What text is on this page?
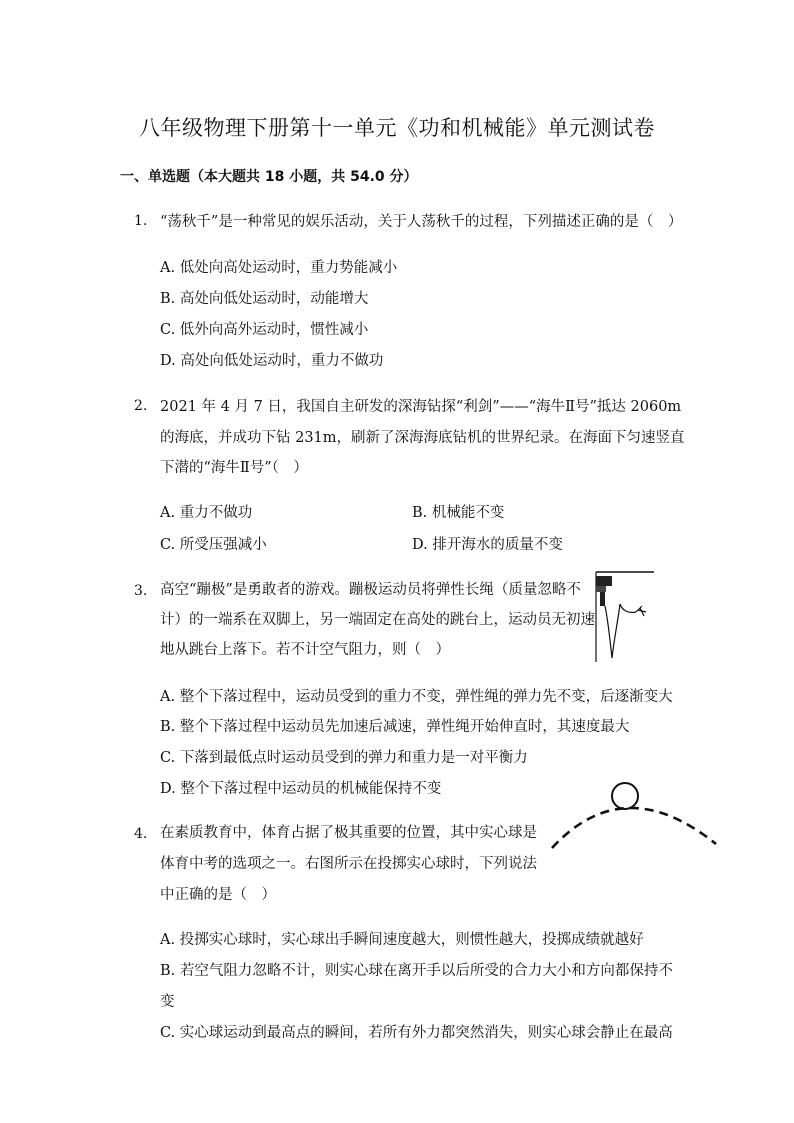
八年级物理下册第十一单元《功和机械能》单元测试卷
一、单选题（本大题共 18 小题，共 54.0 分）
1. “荡秋千”是一种常见的娱乐活动，关于人荡秋千的过程，下列描述正确的是（　）
A. 低处向高处运动时，重力势能减小
B. 高处向低处运动时，动能增大
C. 低外向高外运动时，惯性减小
D. 高处向低处运动时，重力不做功
2. 2021 年 4 月 7 日，我国自主研发的深海钻探“利剑”——“海牛Ⅱ号”抵达 2060m
的海底，并成功下钻 231m，刷新了深海海底钻机的世界纪录。在海面下匀速竖直
下潜的“海牛Ⅱ号”（　）
A. 重力不做功	B. 机械能不变
C. 所受压强减小	D. 排开海水的质量不变
3. 高空“蹦极”是勇敢者的游戏。蹦极运动员将弹性长绳（质量忽略不
计）的一端系在双脚上，另一端固定在高处的跳台上，运动员无初速
地从跳台上落下。若不计空气阻力，则（　）
A. 整个下落过程中，运动员受到的重力不变，弹性绳的弹力先不变，后逐渐变大
B. 整个下落过程中运动员先加速后减速，弹性绳开始伸直时，其速度最大
C. 下落到最低点时运动员受到的弹力和重力是一对平衡力
D. 整个下落过程中运动员的机械能保持不变
4. 在素质教育中，体育占据了极其重要的位置，其中实心球是
体育中考的选项之一。右图所示在投掷实心球时，下列说法
中正确的是（　）
A. 投掷实心球时，实心球出手瞬间速度越大，则惯性越大，投掷成绩就越好
B. 若空气阻力忽略不计，则实心球在离开手以后所受的合力大小和方向都保持不
变
C. 实心球运动到最高点的瞬间，若所有外力都突然消失，则实心球会静止在最高
